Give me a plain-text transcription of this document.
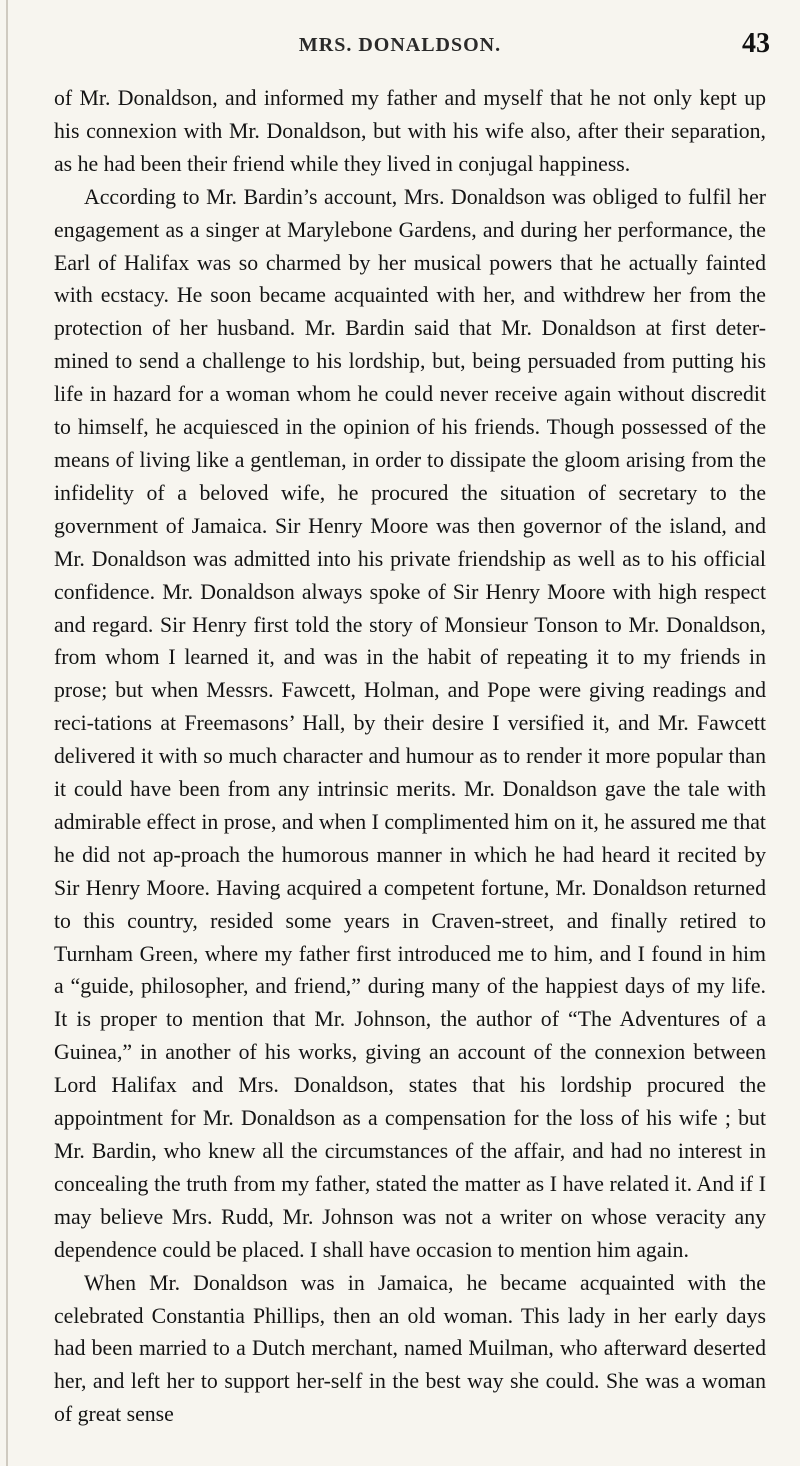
MRS. DONALDSON.	43

of Mr. Donaldson, and informed my father and myself that he not only kept up his connexion with Mr. Donaldson, but with his wife also, after their separation, as he had been their friend while they lived in conjugal happiness.

According to Mr. Bardin’s account, Mrs. Donaldson was obliged to fulfil her engagement as a singer at Marylebone Gardens, and during her performance, the Earl of Halifax was so charmed by her musical powers that he actually fainted with ecstacy. He soon became acquainted with her, and withdrew her from the protection of her husband. Mr. Bardin said that Mr. Donaldson at first deter-mined to send a challenge to his lordship, but, being persuaded from putting his life in hazard for a woman whom he could never receive again without discredit to himself, he acquiesced in the opinion of his friends. Though possessed of the means of living like a gentleman, in order to dissipate the gloom arising from the infidelity of a beloved wife, he procured the situation of secretary to the government of Jamaica. Sir Henry Moore was then governor of the island, and Mr. Donaldson was admitted into his private friendship as well as to his official confidence. Mr. Donaldson always spoke of Sir Henry Moore with high respect and regard. Sir Henry first told the story of Monsieur Tonson to Mr. Donaldson, from whom I learned it, and was in the habit of repeating it to my friends in prose; but when Messrs. Fawcett, Holman, and Pope were giving readings and reci-tations at Freemasons’ Hall, by their desire I versified it, and Mr. Fawcett delivered it with so much character and humour as to render it more popular than it could have been from any intrinsic merits. Mr. Donaldson gave the tale with admirable effect in prose, and when I complimented him on it, he assured me that he did not ap-proach the humorous manner in which he had heard it recited by Sir Henry Moore. Having acquired a competent fortune, Mr. Donaldson returned to this country, resided some years in Craven-street, and finally retired to Turnham Green, where my father first introduced me to him, and I found in him a “guide, philosopher, and friend,” during many of the happiest days of my life. It is proper to mention that Mr. Johnson, the author of “The Adventures of a Guinea,” in another of his works, giving an account of the connexion between Lord Halifax and Mrs. Donaldson, states that his lordship procured the appointment for Mr. Donaldson as a compensation for the loss of his wife ; but Mr. Bardin, who knew all the circumstances of the affair, and had no interest in concealing the truth from my father, stated the matter as I have related it. And if I may believe Mrs. Rudd, Mr. Johnson was not a writer on whose veracity any dependence could be placed. I shall have occasion to mention him again.

When Mr. Donaldson was in Jamaica, he became acquainted with the celebrated Constantia Phillips, then an old woman. This lady in her early days had been married to a Dutch merchant, named Muilman, who afterward deserted her, and left her to support her-self in the best way she could. She was a woman of great sense
